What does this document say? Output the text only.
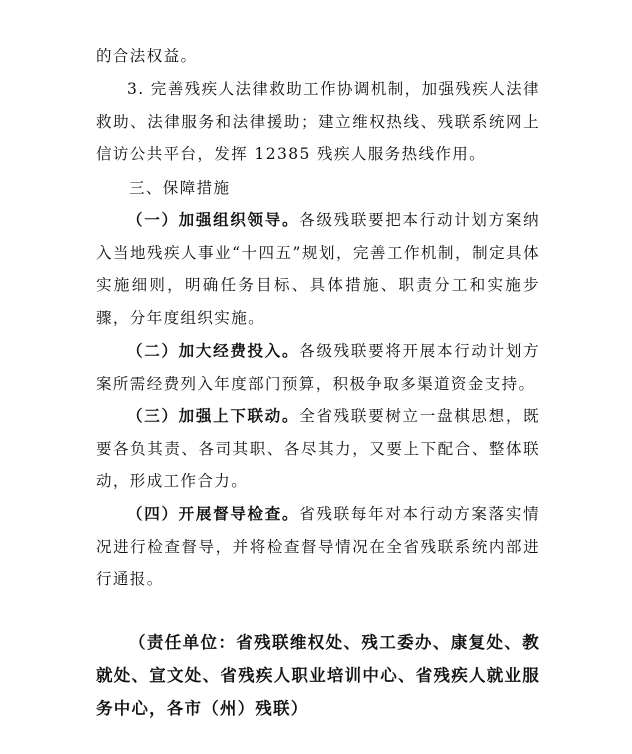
的合法权益。

3. 完善残疾人法律救助工作协调机制，加强残疾人法律救助、法律服务和法律援助；建立维权热线、残联系统网上信访公共平台，发挥 12385 残疾人服务热线作用。

三、保障措施

（一）加强组织领导。各级残联要把本行动计划方案纳入当地残疾人事业“十四五”规划，完善工作机制，制定具体实施细则，明确任务目标、具体措施、职责分工和实施步骤，分年度组织实施。

（二）加大经费投入。各级残联要将开展本行动计划方案所需经费列入年度部门预算，积极争取多渠道资金支持。

（三）加强上下联动。全省残联要树立一盘棋思想，既要各负其责、各司其职、各尽其力，又要上下配合、整体联动，形成工作合力。

（四）开展督导检查。省残联每年对本行动方案落实情况进行检查督导，并将检查督导情况在全省残联系统内部进行通报。

（责任单位：省残联维权处、残工委办、康复处、教就处、宣文处、省残疾人职业培训中心、省残疾人就业服务中心，各市（州）残联）
